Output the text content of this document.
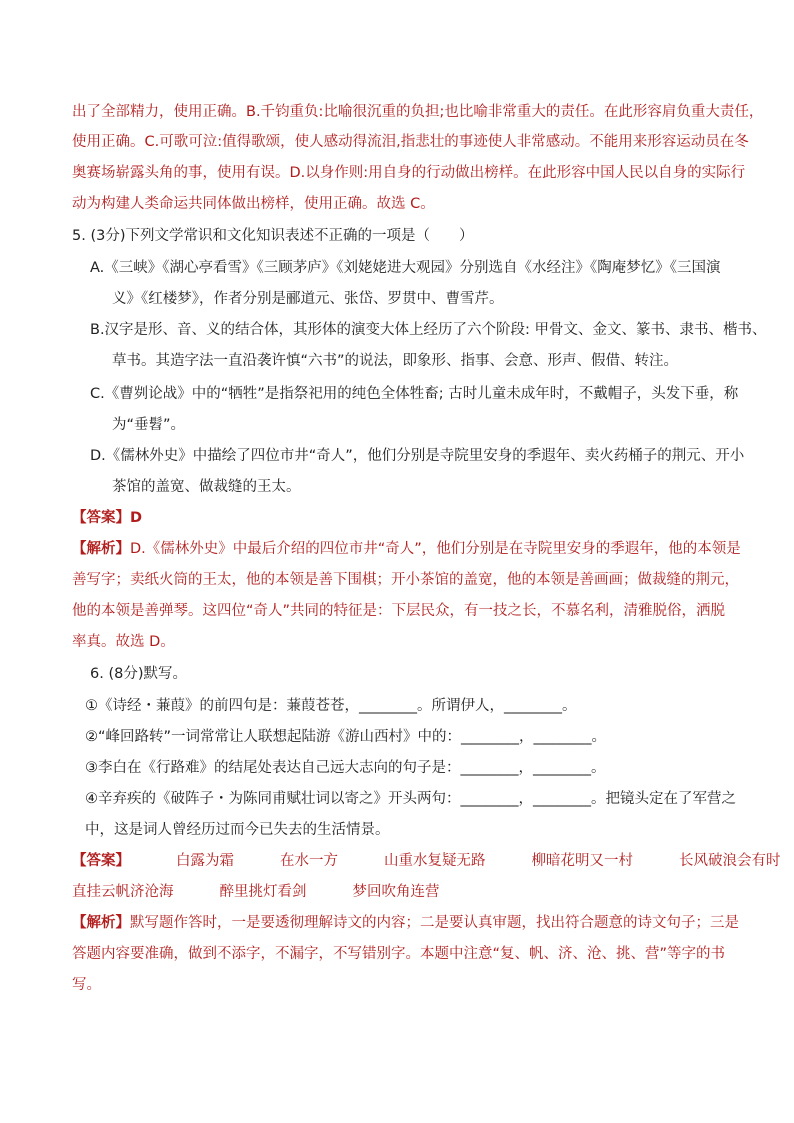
出了全部精力，使用正确。B.千钧重负:比喻很沉重的负担;也比喻非常重大的责任。在此形容肩负重大责任，
使用正确。C.可歌可泣:值得歌颂，使人感动得流泪,指悲壮的事迹使人非常感动。不能用来形容运动员在冬
奥赛场崭露头角的事，使用有误。D.以身作则:用自身的行动做出榜样。在此形容中国人民以自身的实际行
动为构建人类命运共同体做出榜样，使用正确。故选 C。
5. (3分)下列文学常识和文化知识表述不正确的一项是（　　）
A.《三峡》《湖心亭看雪》《三顾茅庐》《刘姥姥进大观园》分别选自《水经注》《陶庵梦忆》《三国演
义》《红楼梦》，作者分别是郦道元、张岱、罗贯中、曹雪芹。
B.汉字是形、音、义的结合体，其形体的演变大体上经历了六个阶段: 甲骨文、金文、篆书、隶书、楷书、
草书。其造字法一直沿袭许慎“六书”的说法，即象形、指事、会意、形声、假借、转注。
C.《曹刿论战》中的“牺牲”是指祭祀用的纯色全体牲畜; 古时儿童未成年时，不戴帽子，头发下垂，称
为“垂髫”。
D.《儒林外史》中描绘了四位市井“奇人”，他们分别是寺院里安身的季遐年、卖火药桶子的荆元、开小
茶馆的盖宽、做裁缝的王太。
【答案】D
【解析】D.《儒林外史》中最后介绍的四位市井“奇人”，他们分别是在寺院里安身的季遐年，他的本领是
善写字；卖纸火筒的王太，他的本领是善下围棋；开小茶馆的盖宽，他的本领是善画画；做裁缝的荆元，
他的本领是善弹琴。这四位“奇人”共同的特征是：下层民众，有一技之长，不慕名利，清雅脱俗，洒脱
率真。故选 D。
6. (8分)默写。
①《诗经・蒹葭》的前四句是：蒹葭苍苍，________。所谓伊人，________。
②“峰回路转”一词常常让人联想起陆游《游山西村》中的：________，________。
③李白在《行路难》的结尾处表达自己远大志向的句子是：________，________。
④辛弃疾的《破阵子・为陈同甫赋壮词以寄之》开头两句：________，________。把镜头定在了军营之
中，这是词人曾经历过而今已失去的生活情景。
【答案】	白露为霜	在水一方	山重水复疑无路	柳暗花明又一村	长风破浪会有时
直挂云帆济沧海	醉里挑灯看剑	梦回吹角连营
【解析】默写题作答时，一是要透彻理解诗文的内容；二是要认真审题，找出符合题意的诗文句子；三是
答题内容要准确，做到不添字，不漏字，不写错别字。本题中注意“复、帆、济、沧、挑、营”等字的书
写。
